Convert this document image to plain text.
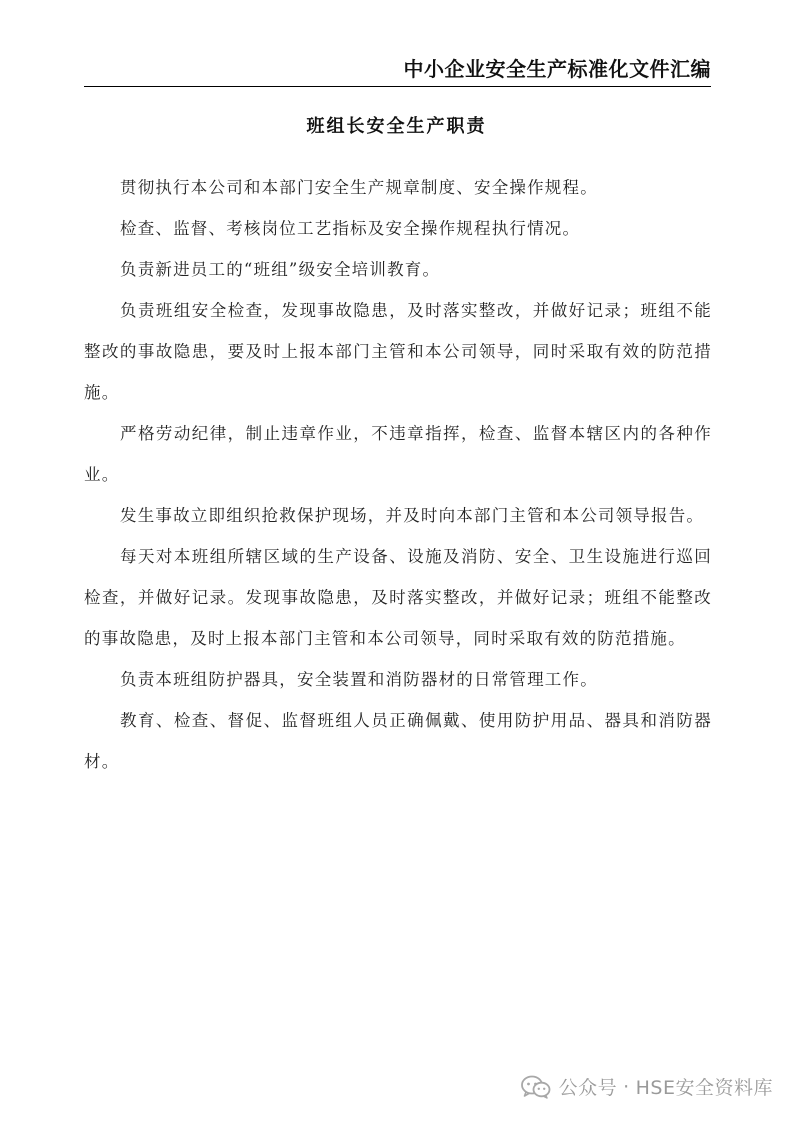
中小企业安全生产标准化文件汇编
班组长安全生产职责

贯彻执行本公司和本部门安全生产规章制度、安全操作规程。

检查、监督、考核岗位工艺指标及安全操作规程执行情况。

负责新进员工的“班组”级安全培训教育。

负责班组安全检查，发现事故隐患，及时落实整改，并做好记录；班组不能整改的事故隐患，要及时上报本部门主管和本公司领导，同时采取有效的防范措施。

严格劳动纪律，制止违章作业，不违章指挥，检查、监督本辖区内的各种作业。

发生事故立即组织抢救保护现场，并及时向本部门主管和本公司领导报告。

每天对本班组所辖区域的生产设备、设施及消防、安全、卫生设施进行巡回检查，并做好记录。发现事故隐患，及时落实整改，并做好记录；班组不能整改的事故隐患，及时上报本部门主管和本公司领导，同时采取有效的防范措施。

负责本班组防护器具，安全装置和消防器材的日常管理工作。

教育、检查、督促、监督班组人员正确佩戴、使用防护用品、器具和消防器材。

公众号 · HSE安全资料库
